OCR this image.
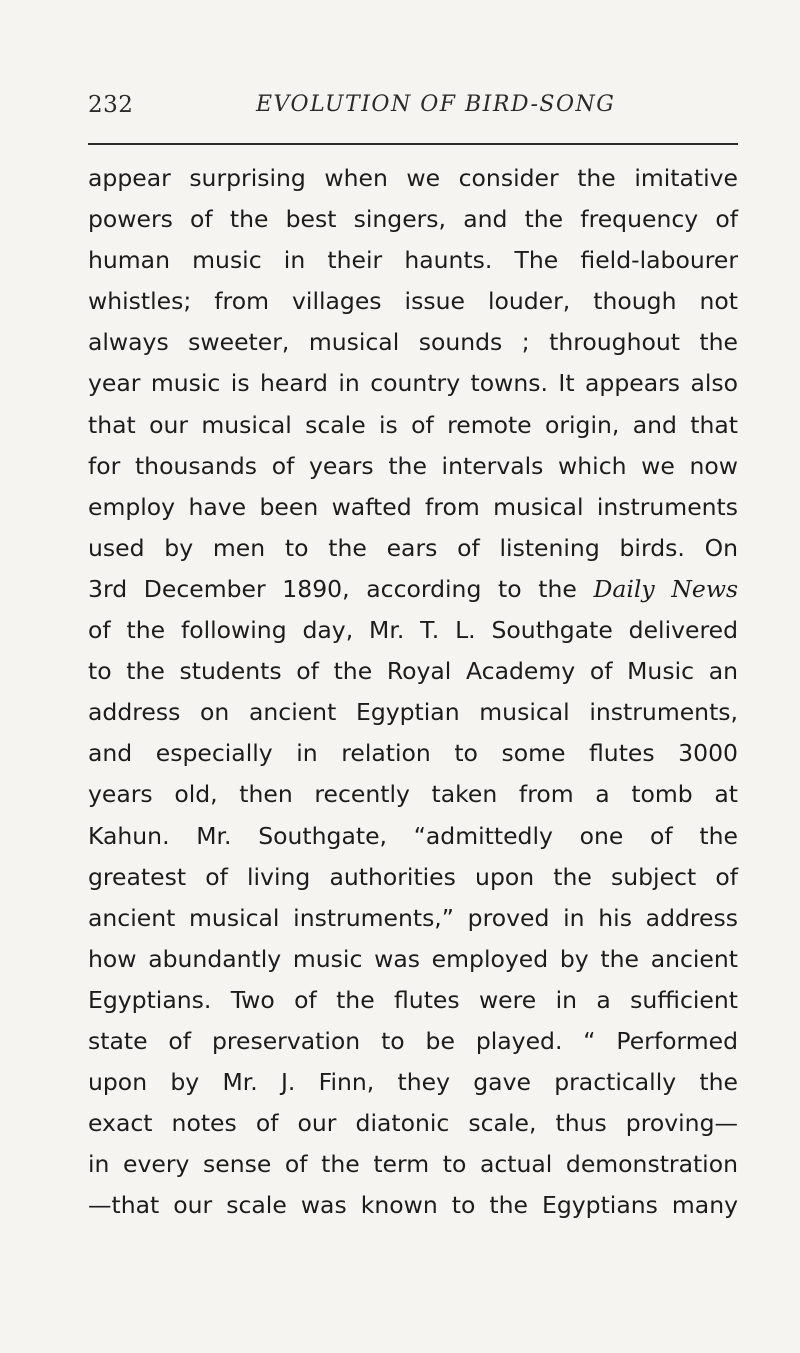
232	EVOLUTION OF BIRD-SONG
appear surprising when we consider the imitative
powers of the best singers, and the frequency of
human music in their haunts. The field-labourer
whistles; from villages issue louder, though not
always sweeter, musical sounds ; throughout the
year music is heard in country towns. It appears also
that our musical scale is of remote origin, and that
for thousands of years the intervals which we now
employ have been wafted from musical instruments
used by men to the ears of listening birds. On
3rd December 1890, according to the Daily News
of the following day, Mr. T. L. Southgate delivered
to the students of the Royal Academy of Music an
address on ancient Egyptian musical instruments,
and especially in relation to some flutes 3000
years old, then recently taken from a tomb at
Kahun. Mr. Southgate, “admittedly one of the
greatest of living authorities upon the subject of
ancient musical instruments,” proved in his address
how abundantly music was employed by the ancient
Egyptians. Two of the flutes were in a sufficient
state of preservation to be played. “ Performed
upon by Mr. J. Finn, they gave practically the
exact notes of our diatonic scale, thus proving—
in every sense of the term to actual demonstration
—that our scale was known to the Egyptians many
